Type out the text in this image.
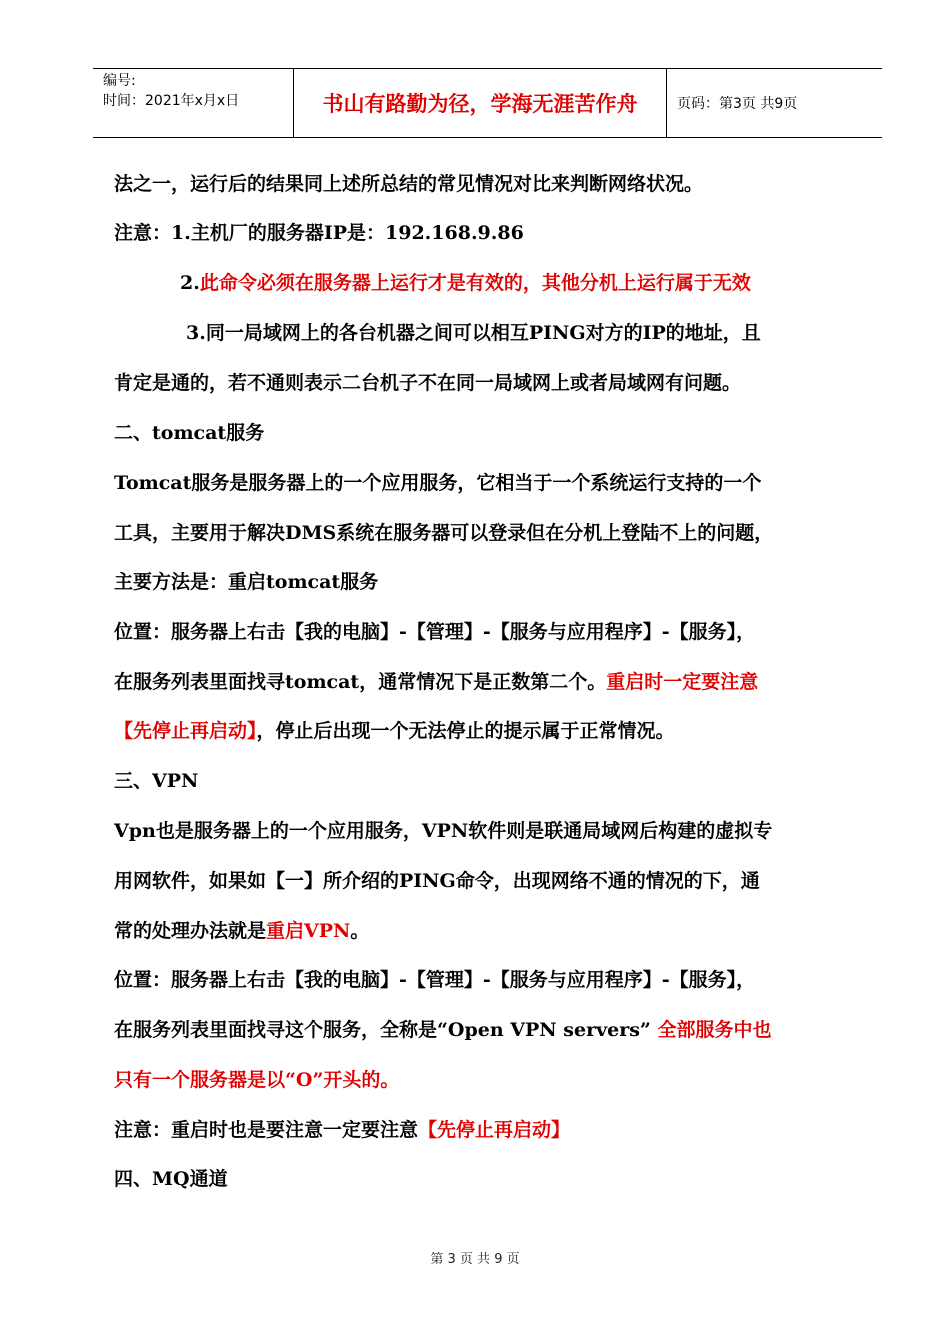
编号:
时间：2021年x月x日	书山有路勤为径，学海无涯苦作舟	页码：第3页 共9页
法之一，运行后的结果同上述所总结的常见情况对比来判断网络状况。
注意：1.主机厂的服务器IP是：192.168.9.86
2.此命令必须在服务器上运行才是有效的，其他分机上运行属于无效
3.同一局域网上的各台机器之间可以相互PING对方的IP的地址，且
肯定是通的，若不通则表示二台机子不在同一局域网上或者局域网有问题。
二、tomcat服务
Tomcat服务是服务器上的一个应用服务，它相当于一个系统运行支持的一个
工具，主要用于解决DMS系统在服务器可以登录但在分机上登陆不上的问题，
主要方法是：重启tomcat服务
位置：服务器上右击【我的电脑】-【管理】-【服务与应用程序】-【服务】，
在服务列表里面找寻tomcat，通常情况下是正数第二个。重启时一定要注意
【先停止再启动】，停止后出现一个无法停止的提示属于正常情况。
三、VPN
Vpn也是服务器上的一个应用服务，VPN软件则是联通局域网后构建的虚拟专
用网软件，如果如【一】所介绍的PING命令，出现网络不通的情况的下，通
常的处理办法就是重启VPN。
位置：服务器上右击【我的电脑】-【管理】-【服务与应用程序】-【服务】，
在服务列表里面找寻这个服务，全称是“Open VPN servers” 全部服务中也
只有一个服务器是以“O”开头的。
注意：重启时也是要注意一定要注意【先停止再启动】
四、MQ通道
第 3 页 共 9 页
